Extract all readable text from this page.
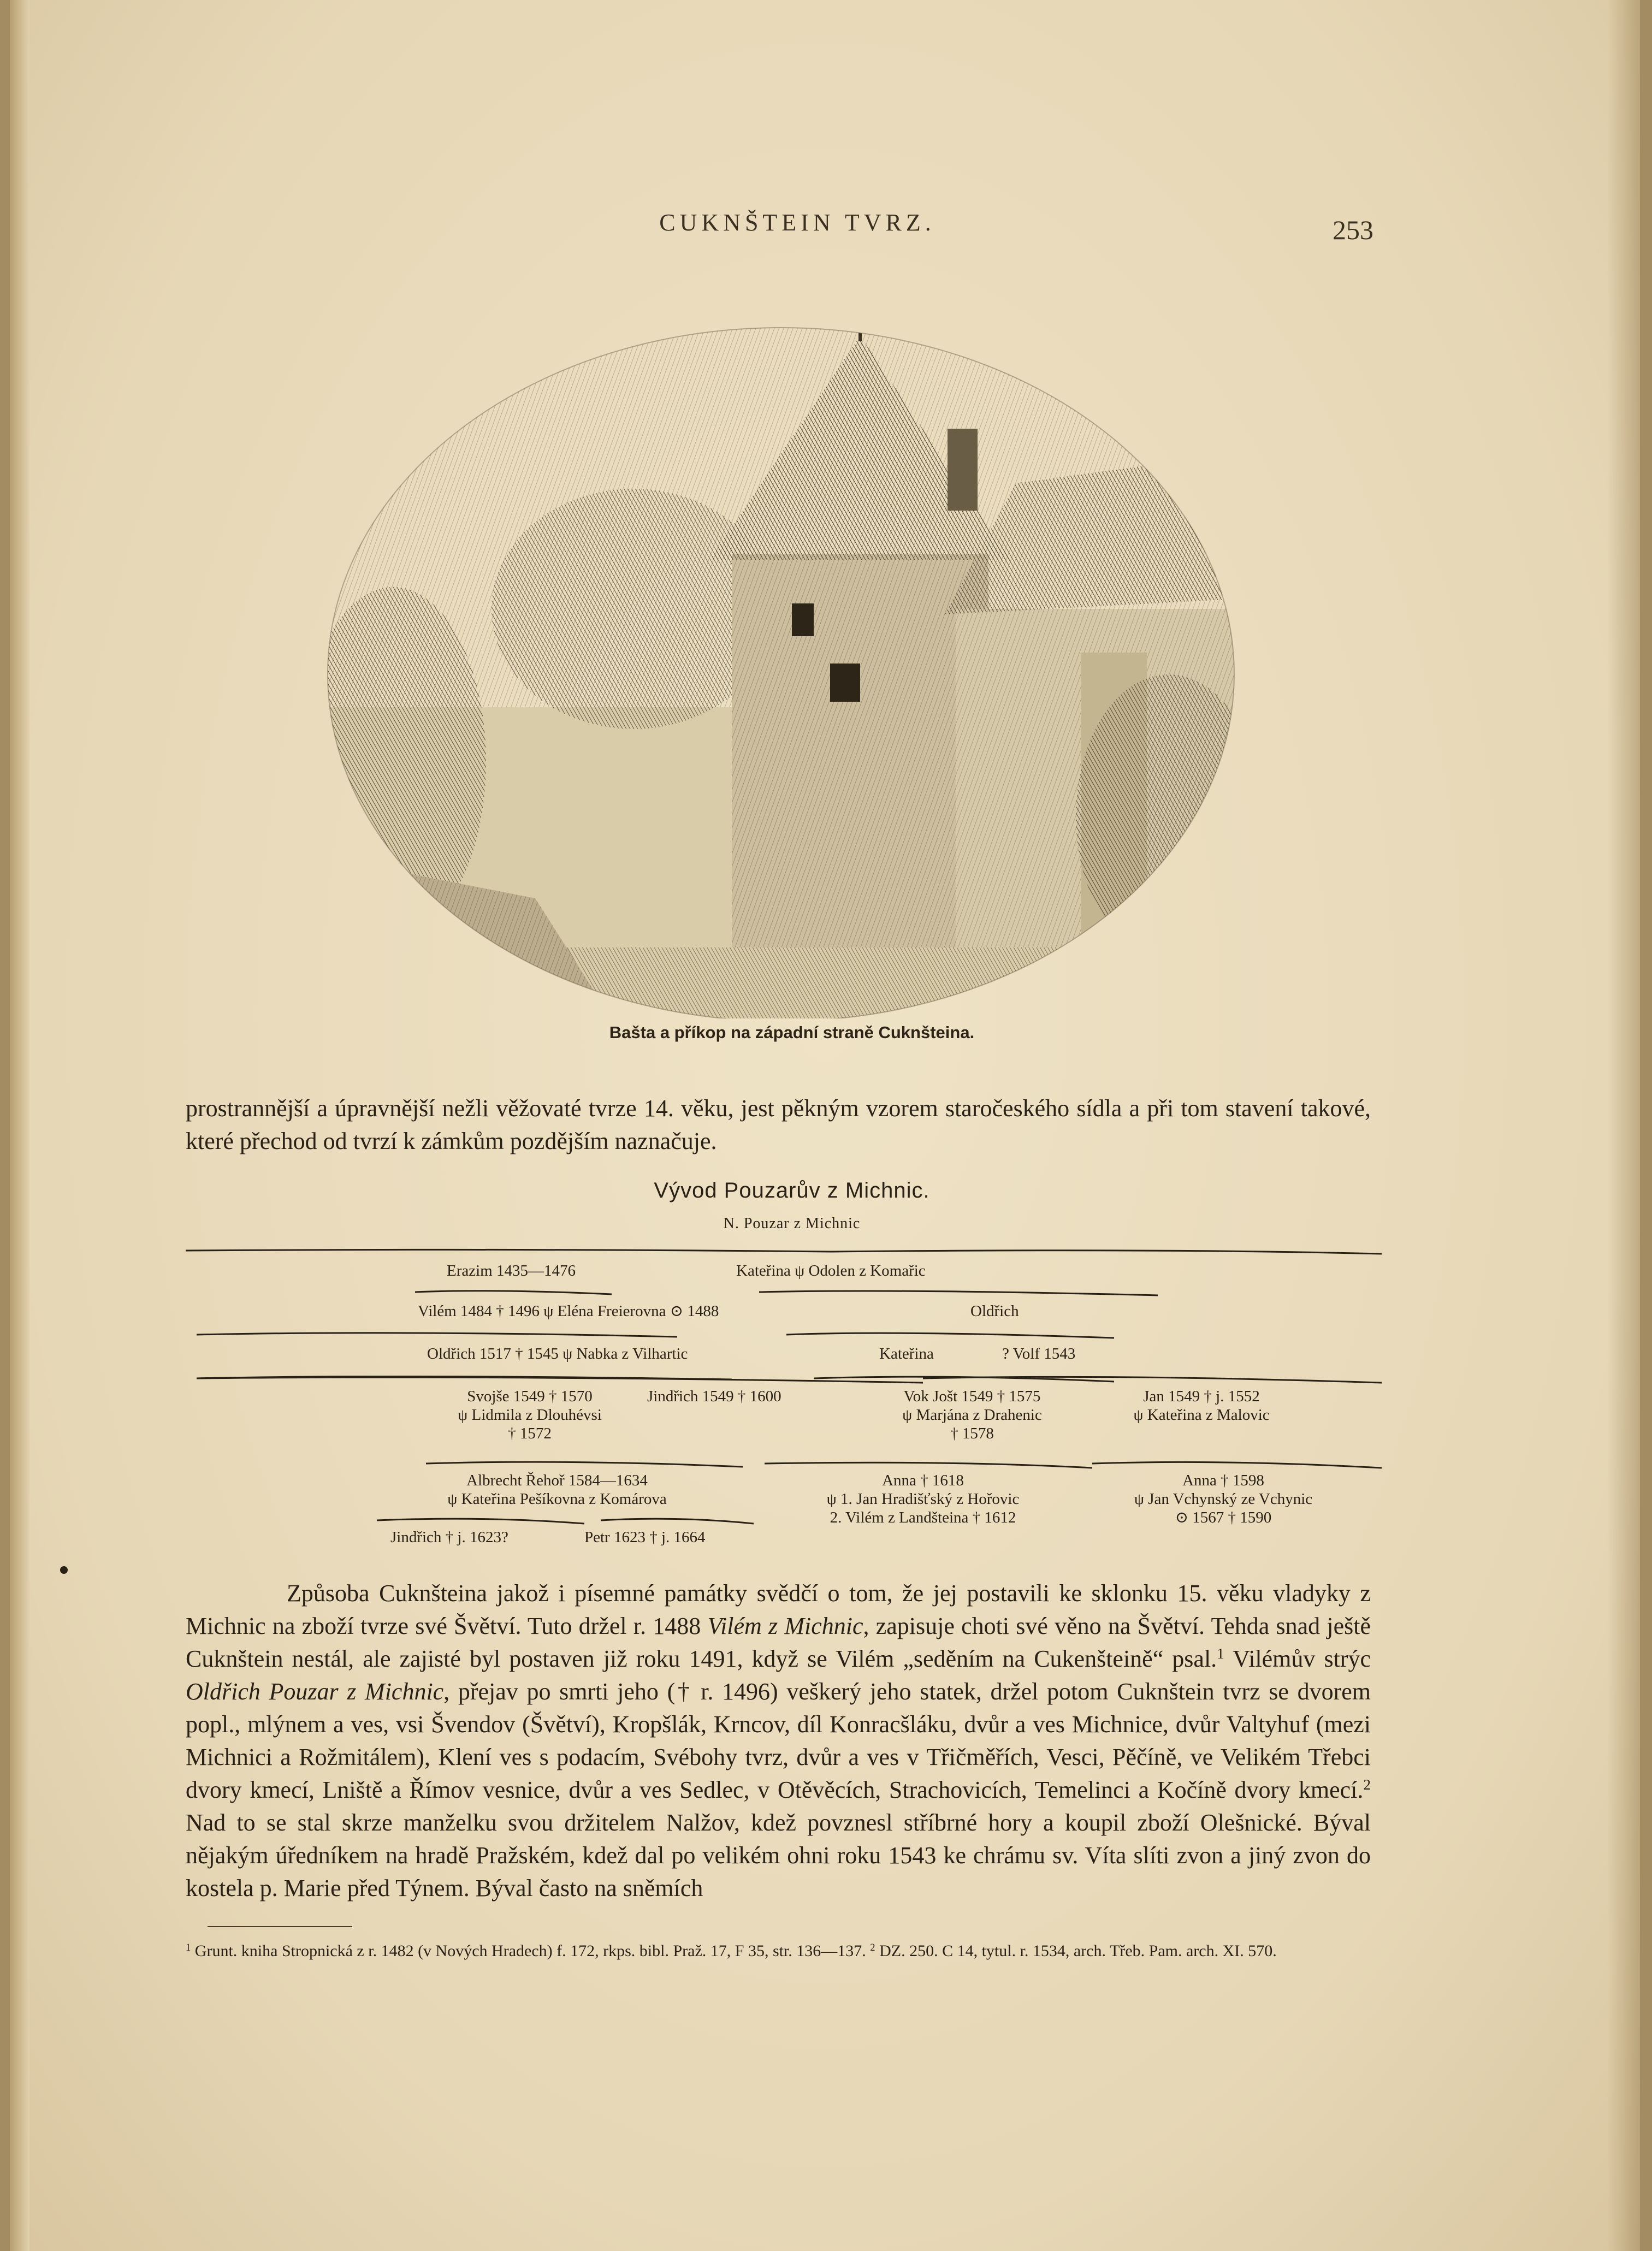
CUKNŠTEIN TVRZ.	253
Bašta a příkop na západní straně Cuknšteina.

prostrannější a úpravnější nežli věžovaté tvrze 14. věku, jest pěkným vzorem staročeského sídla a při tom stavení takové, které přechod od tvrzí k zámkům pozdějším naznačuje.

Vývod Pouzarův z Michnic.
N. Pouzar z Michnic
Erazim 1435—1476	Kateřina ψ Odolen z Komařic
Vilém 1484 † 1496 ψ Eléna Freierovna ⊙ 1488	Oldřich
Oldřich 1517 † 1545 ψ Nabka z Vilhartic	Kateřina	? Volf 1543
Svojše 1549 † 1570
ψ Lidmila z Dlouhévsi
† 1572
Jindřich 1549 † 1600	Vok Jošt 1549 † 1575
ψ Marjána z Drahenic
† 1578
Jan 1549 † j. 1552
ψ Kateřina z Malovic
Albrecht Řehoř 1584—1634
ψ Kateřina Pešíkovna z Komárova
Anna † 1618
ψ 1. Jan Hradišťský z Hořovic
2. Vilém z Landšteina † 1612
Anna † 1598
ψ Jan Vchynský ze Vchynic
⊙ 1567 † 1590
Jindřich † j. 1623?	Petr 1623 † j. 1664

Způsoba Cuknšteina jakož i písemné památky svědčí o tom, že jej postavili ke sklonku 15. věku vladyky z Michnic na zboží tvrze své Švětví. Tuto držel r. 1488 Vilém z Michnic, zapisuje choti své věno na Švětví. Tehda snad ještě Cuknštein nestál, ale zajisté byl postaven již roku 1491, když se Vilém „seděním na Cukenšteině“ psal.$^1$ Vilémův strýc Oldřich Pouzar z Michnic, přejav po smrti jeho († r. 1496) veškerý jeho statek, držel potom Cuknštein tvrz se dvorem popl., mlýnem a ves, vsi Švendov (Švětví), Kropšlák, Krncov, díl Konracšláku, dvůr a ves Michnice, dvůr Valtyhuf (mezi Michnici a Rožmitálem), Klení ves s podacím, Svébohy tvrz, dvůr a ves v Třičměřích, Vesci, Pěčíně, ve Velikém Třebci dvory kmecí, Lniště a Římov vesnice, dvůr a ves Sedlec, v Otěvěcích, Strachovicích, Temelinci a Kočíně dvory kmecí.$^2$ Nad to se stal skrze manželku svou držitelem Nalžov, kdež povznesl stříbrné hory a koupil zboží Olešnické. Býval nějakým úředníkem na hradě Pražském, kdež dal po velikém ohni roku 1543 ke chrámu sv. Víta slíti zvon a jiný zvon do kostela p. Marie před Týnem. Býval často na sněmích

$^1$ Grunt. kniha Stropnická z r. 1482 (v Nových Hradech) f. 172, rkps. bibl. Praž. 17, F 35, str. 136—137. $^2$ DZ. 250. C 14, tytul. r. 1534, arch. Třeb. Pam. arch. XI. 570.
